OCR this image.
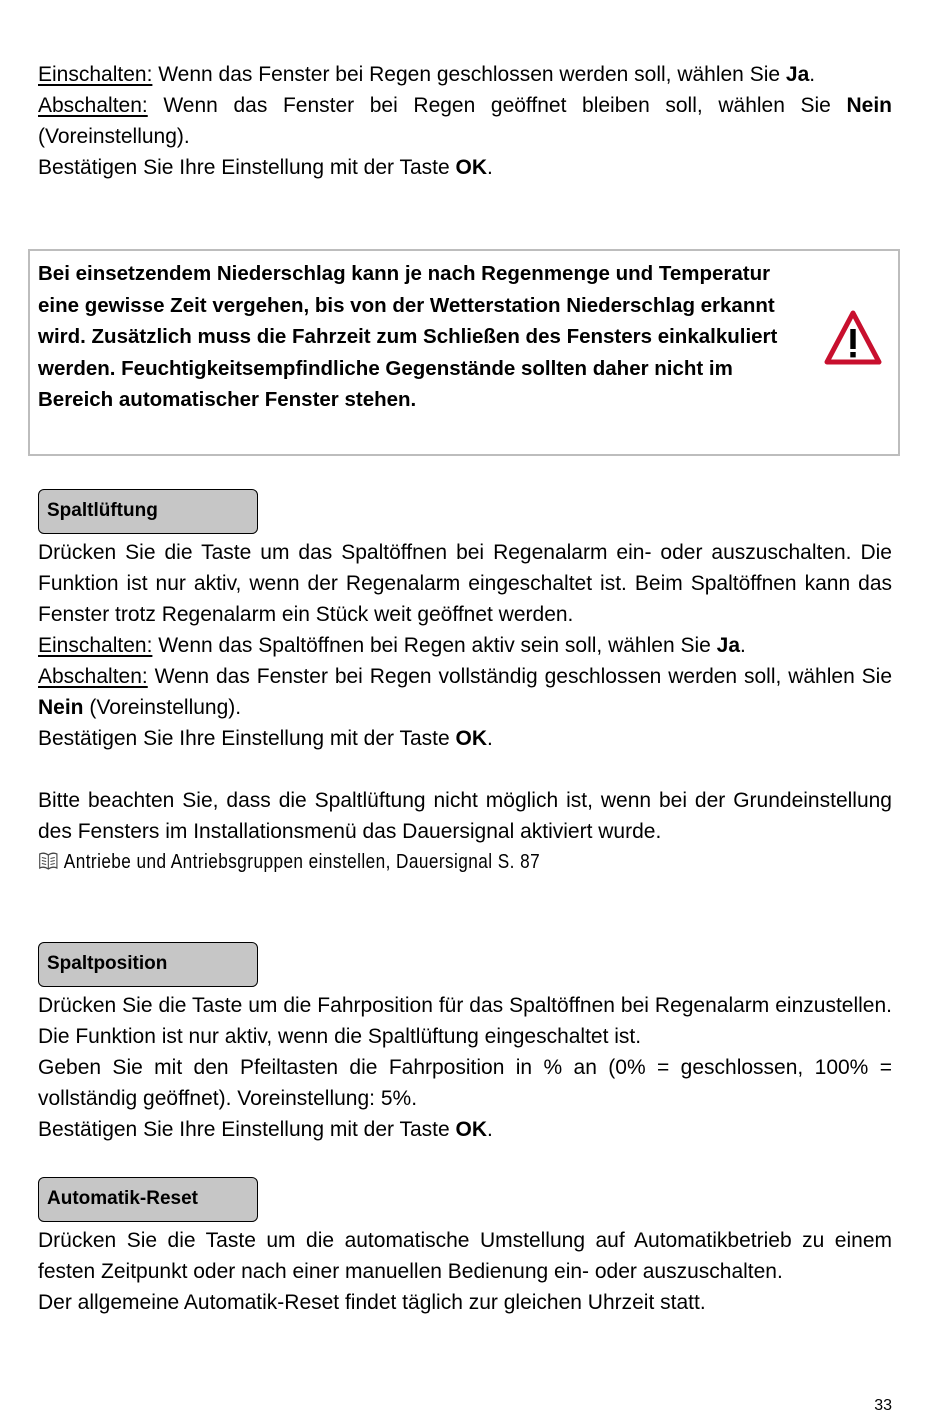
Einschalten: Wenn das Fenster bei Regen geschlossen werden soll, wählen Sie Ja.

Abschalten: Wenn das Fenster bei Regen geöffnet bleiben soll, wählen Sie Nein (Voreinstellung).

Bestätigen Sie Ihre Einstellung mit der Taste OK.

Bei einsetzendem Niederschlag kann je nach Regenmenge und Temperatur eine gewisse Zeit vergehen, bis von der Wetterstation Niederschlag erkannt wird. Zusätzlich muss die Fahrzeit zum Schließen des Fensters einkalkuliert werden. Feuchtigkeitsempfindliche Gegenstände sollten daher nicht im Bereich automatischer Fenster stehen.
Spaltlüftung

Drücken Sie die Taste um das Spaltöffnen bei Regenalarm ein- oder auszuschalten. Die Funktion ist nur aktiv, wenn der Regenalarm eingeschaltet ist. Beim Spaltöffnen kann das Fenster trotz Regenalarm ein Stück weit geöffnet werden.

Einschalten: Wenn das Spaltöffnen bei Regen aktiv sein soll, wählen Sie Ja.

Abschalten: Wenn das Fenster bei Regen vollständig geschlossen werden soll, wählen Sie Nein (Voreinstellung).

Bestätigen Sie Ihre Einstellung mit der Taste OK.

Bitte beachten Sie, dass die Spaltlüftung nicht möglich ist, wenn bei der Grundeinstellung des Fensters im Installationsmenü das Dauersignal aktiviert wurde.

Antriebe und Antriebsgruppen einstellen, Dauersignal S. 87
Spaltposition

Drücken Sie die Taste um die Fahrposition für das Spaltöffnen bei Regenalarm einzustellen. Die Funktion ist nur aktiv, wenn die Spaltlüftung eingeschaltet ist.

Geben Sie mit den Pfeiltasten die Fahrposition in % an (0% = geschlossen, 100% = vollständig geöffnet). Voreinstellung: 5%.

Bestätigen Sie Ihre Einstellung mit der Taste OK.

Automatik-Reset

Drücken Sie die Taste um die automatische Umstellung auf Automatikbetrieb zu einem festen Zeitpunkt oder nach einer manuellen Bedienung ein- oder auszuschalten.

Der allgemeine Automatik-Reset findet täglich zur gleichen Uhrzeit statt.

33
